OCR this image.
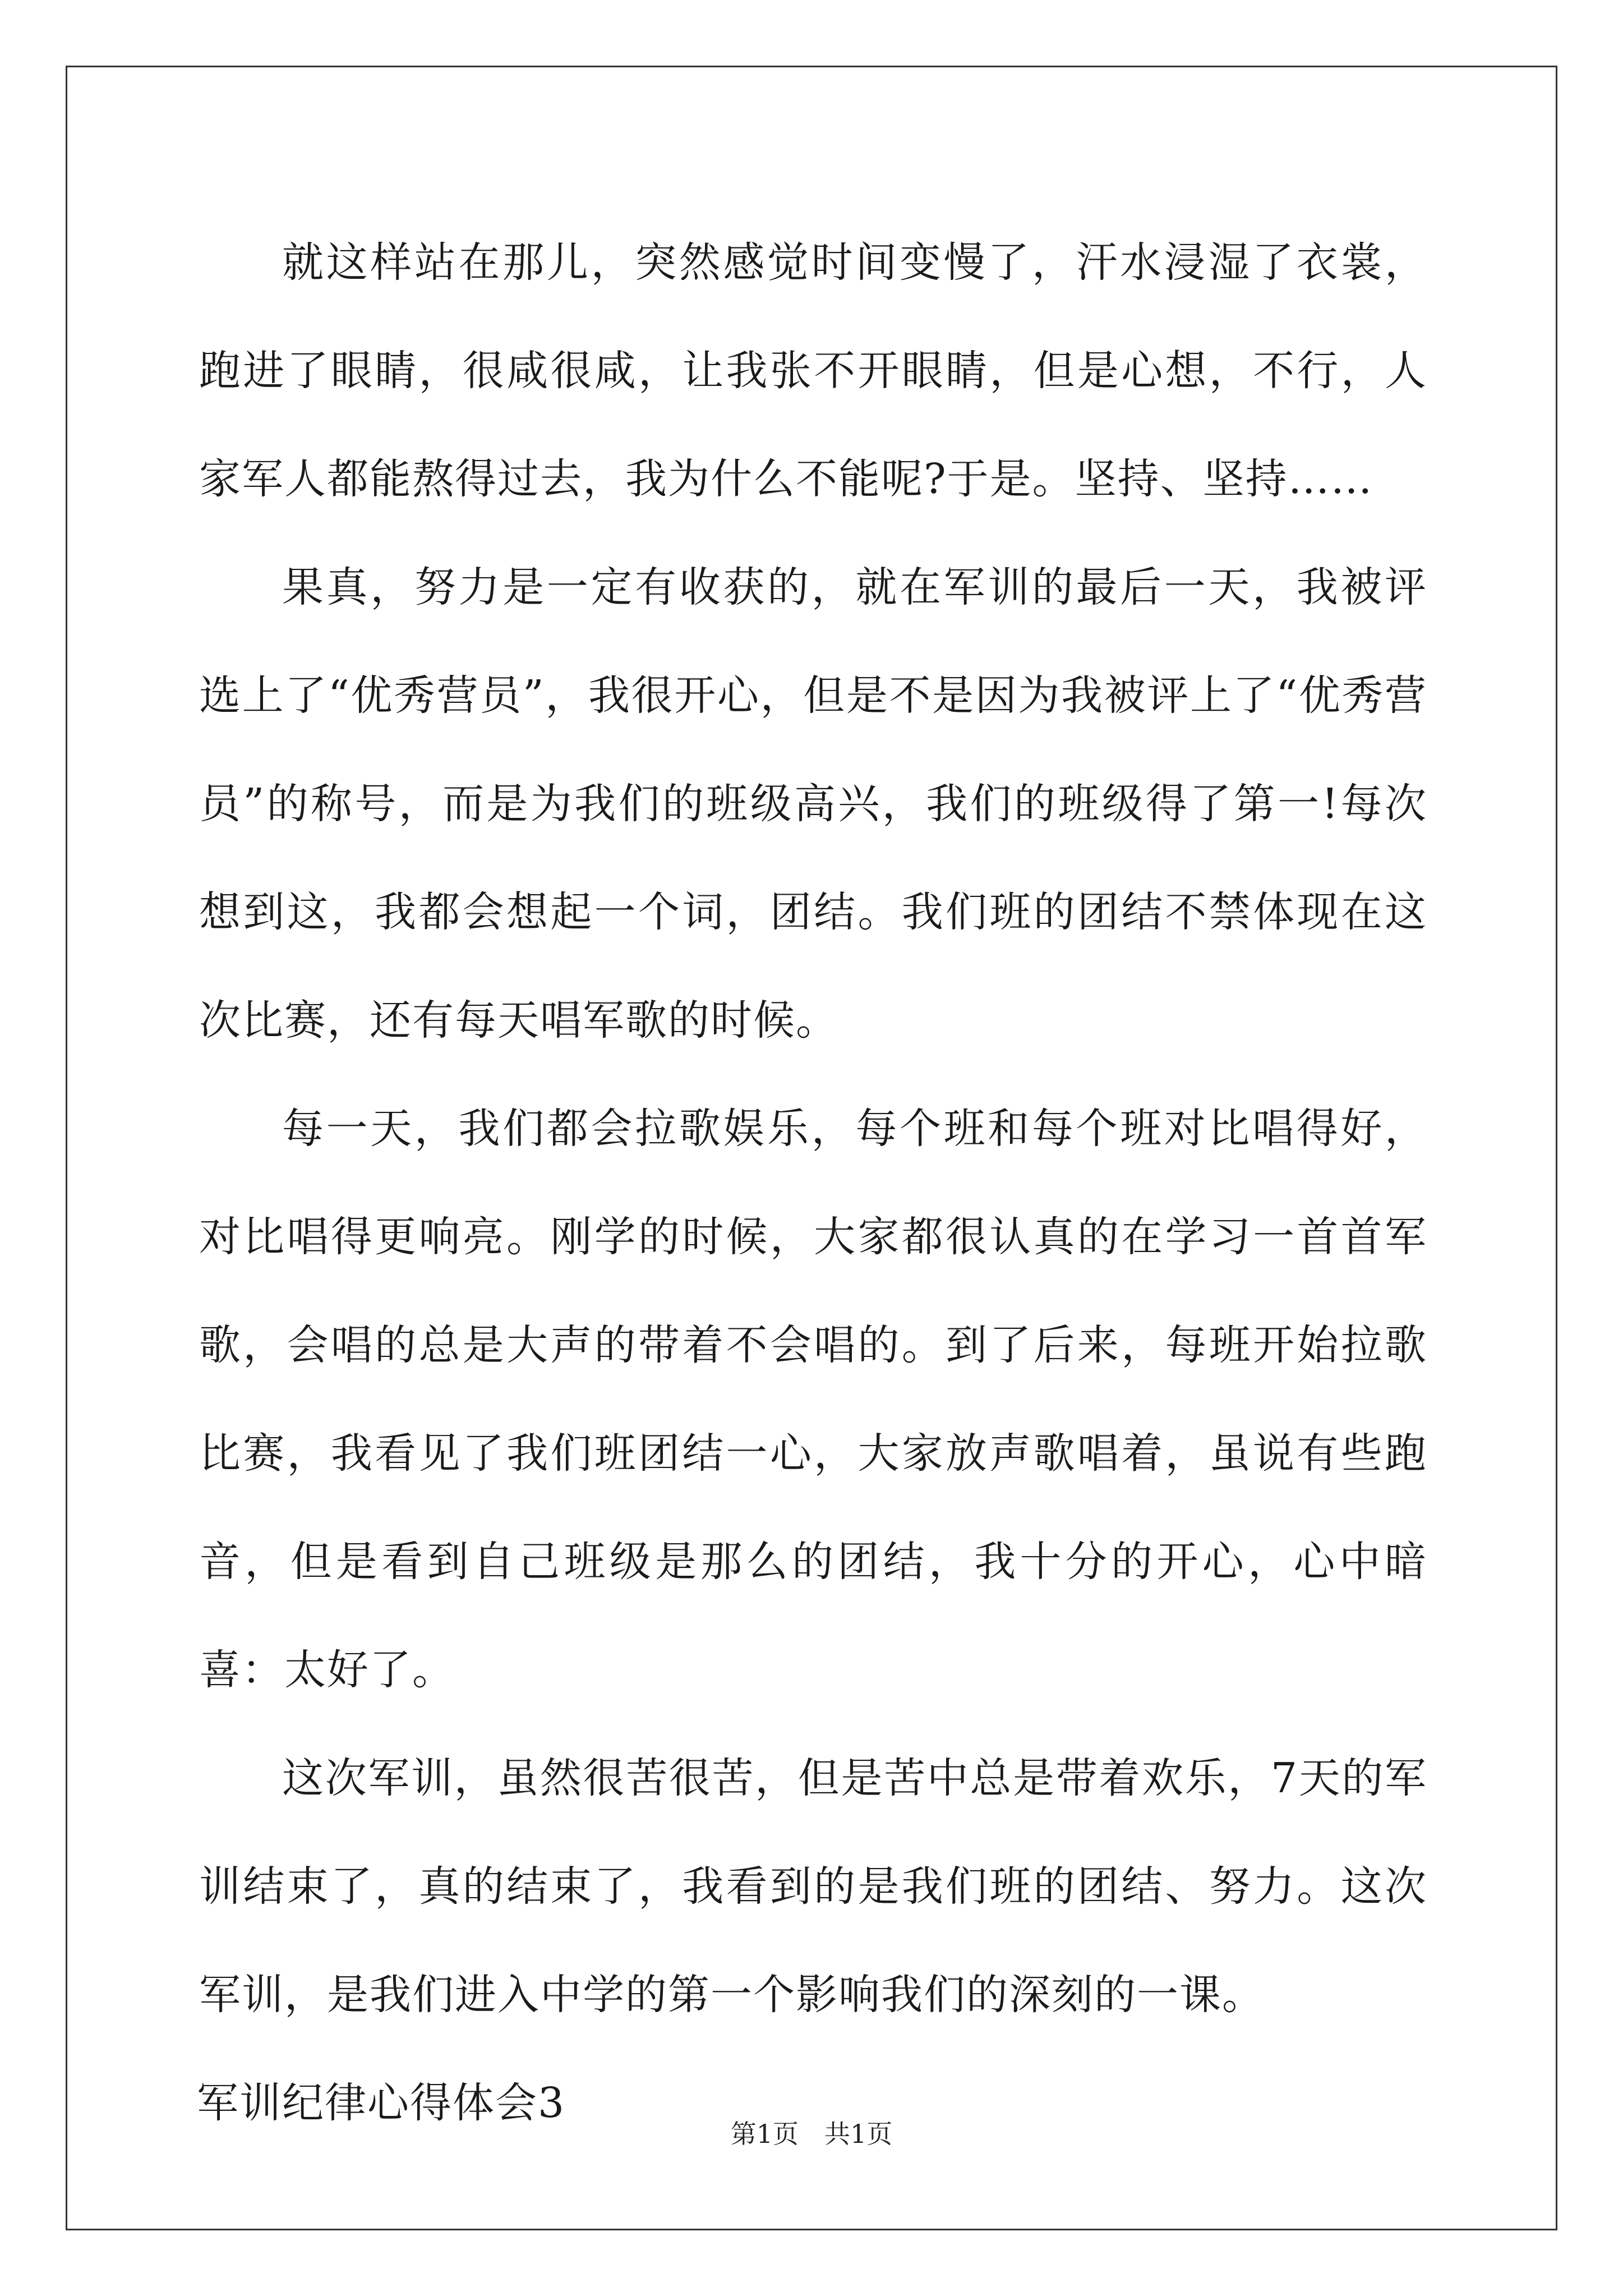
就这样站在那儿，突然感觉时间变慢了，汗水浸湿了衣裳，跑进了眼睛，很咸很咸，让我张不开眼睛，但是心想，不行，人家军人都能熬得过去，我为什么不能呢?于是。坚持、坚持……

果真，努力是一定有收获的，就在军训的最后一天，我被评选上了“优秀营员”，我很开心，但是不是因为我被评上了“优秀营员”的称号，而是为我们的班级高兴，我们的班级得了第一!每次想到这，我都会想起一个词，团结。我们班的团结不禁体现在这次比赛，还有每天唱军歌的时候。

每一天，我们都会拉歌娱乐，每个班和每个班对比唱得好，对比唱得更响亮。刚学的时候，大家都很认真的在学习一首首军歌，会唱的总是大声的带着不会唱的。到了后来，每班开始拉歌比赛，我看见了我们班团结一心，大家放声歌唱着，虽说有些跑音，但是看到自己班级是那么的团结，我十分的开心，心中暗喜：太好了。

这次军训，虽然很苦很苦，但是苦中总是带着欢乐，7天的军训结束了，真的结束了，我看到的是我们班的团结、努力。这次军训，是我们进入中学的第一个影响我们的深刻的一课。

军训纪律心得体会3

第1页　共1页
